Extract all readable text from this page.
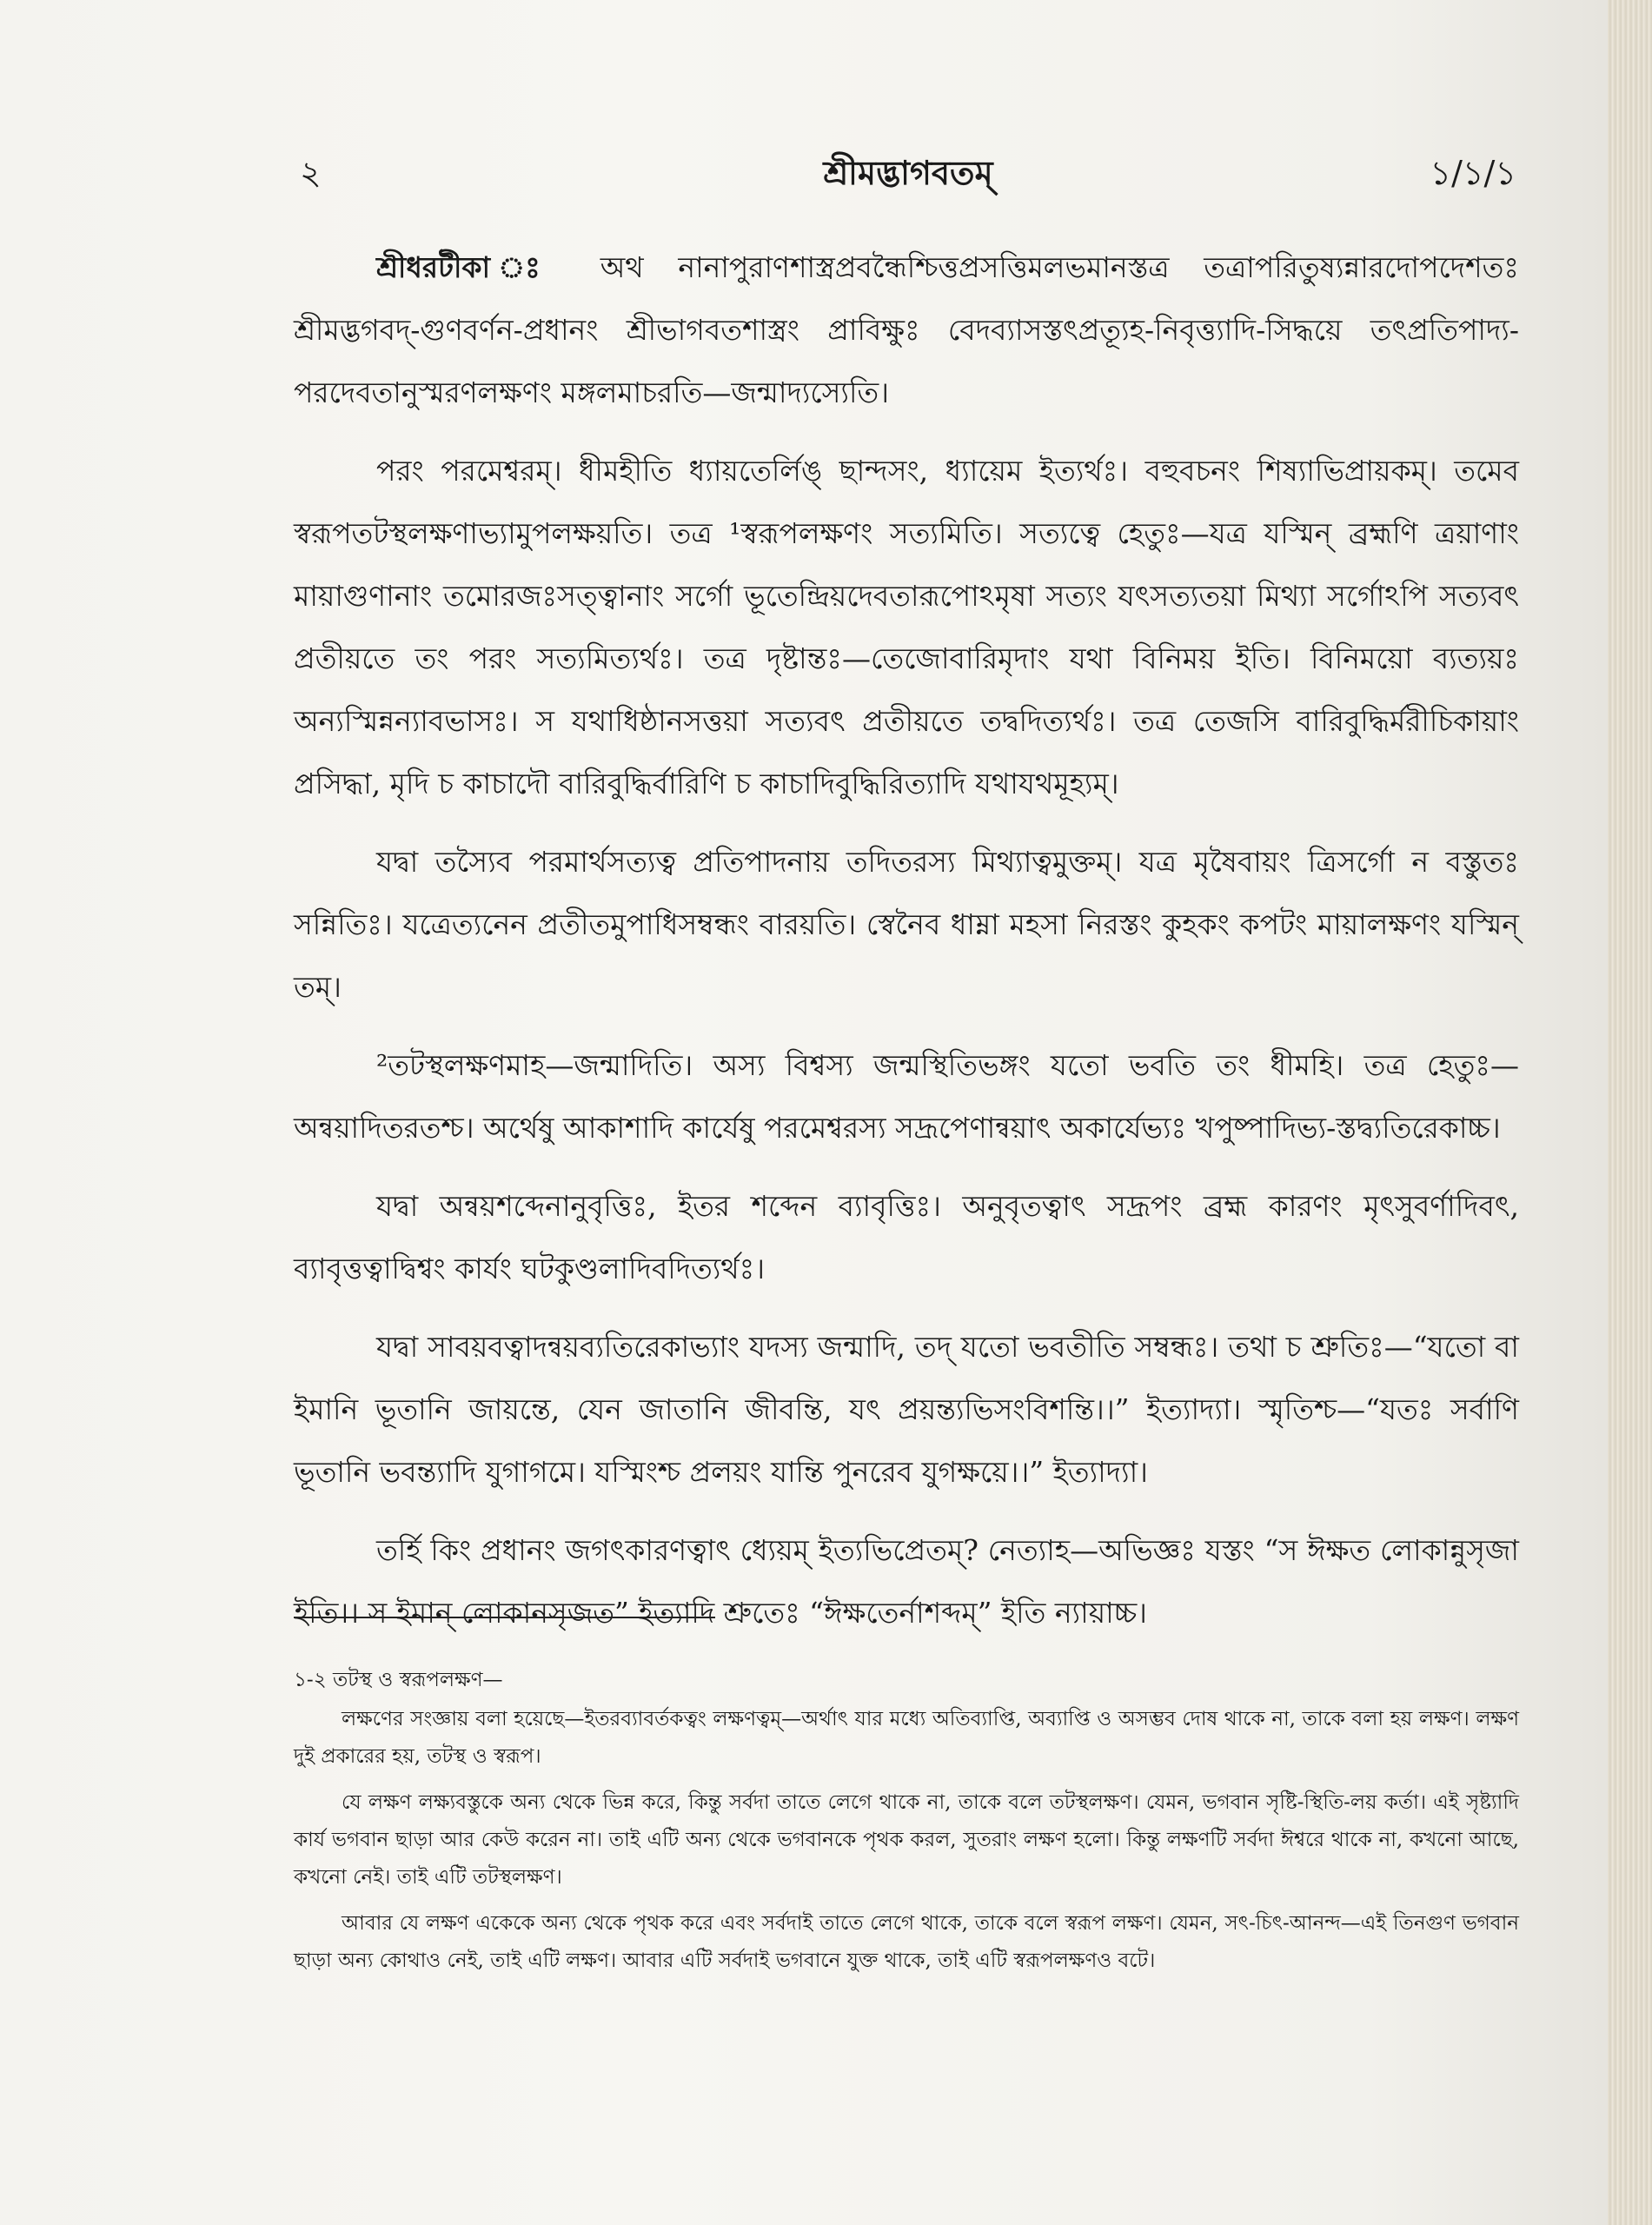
২	শ্রীমদ্ভাগবতম্	১/১/১

শ্রীধরটীকা ঃ অথ নানাপুরাণশাস্ত্রপ্রবন্ধৈশ্চিত্তপ্রসত্তিমলভমানস্তত্র তত্রাপরিতুষ্যন্নারদোপদেশতঃ শ্রীমদ্ভগবদ্-গুণবর্ণন-প্রধানং শ্রীভাগবতশাস্ত্রং প্রাবিক্ষুঃ বেদব্যাসস্তৎপ্রত্যূহ-নিবৃত্ত্যাদি-সিদ্ধয়ে তৎপ্রতিপাদ্য-পরদেবতানুস্মরণলক্ষণং মঙ্গলমাচরতি—জন্মাদ্যস্যেতি।

পরং পরমেশ্বরম্। ধীমহীতি ধ্যায়তের্লিঙ্ ছান্দসং, ধ্যায়েম ইত্যর্থঃ। বহুবচনং শিষ্যাভিপ্রায়কম্। তমেব স্বরূপতটস্থলক্ষণাভ্যামুপলক্ষয়তি। তত্র ¹স্বরূপলক্ষণং সত্যমিতি। সত্যত্বে হেতুঃ—যত্র যস্মিন্ ব্রহ্মণি ত্রয়াণাং মায়াগুণানাং তমোরজঃসত্ত্বানাং সর্গো ভূতেন্দ্রিয়দেবতারূপোঽমৃষা সত্যং যৎসত্যতয়া মিথ্যা সর্গোঽপি সত্যবৎ প্রতীয়তে তং পরং সত্যমিত্যর্থঃ। তত্র দৃষ্টান্তঃ—তেজোবারিমৃদাং যথা বিনিময় ইতি। বিনিময়ো ব্যত্যয়ঃ অন্যস্মিন্নন্যাবভাসঃ। স যথাধিষ্ঠানসত্তয়া সত্যবৎ প্রতীয়তে তদ্বদিত্যর্থঃ। তত্র তেজসি বারিবুদ্ধির্মরীচিকায়াং প্রসিদ্ধা, মৃদি চ কাচাদৌ বারিবুদ্ধির্বারিণি চ কাচাদিবুদ্ধিরিত্যাদি যথাযথমূহ্যম্।

যদ্বা তস্যৈব পরমার্থসত্যত্ব প্রতিপাদনায় তদিতরস্য মিথ্যাত্বমুক্তম্। যত্র মৃষৈবায়ং ত্রিসর্গো ন বস্তুতঃ সন্নিতিঃ। যত্রেত্যনেন প্রতীতমুপাধিসম্বন্ধং বারয়তি। স্বেনৈব ধাম্না মহসা নিরস্তং কুহকং কপটং মায়ালক্ষণং যস্মিন্ তম্।

²তটস্থলক্ষণমাহ—জন্মাদিতি। অস্য বিশ্বস্য জন্মস্থিতিভঙ্গং যতো ভবতি তং ধীমহি। তত্র হেতুঃ—অন্বয়াদিতরতশ্চ। অর্থেষু আকাশাদি কার্যেষু পরমেশ্বরস্য সদ্রূপেণান্বয়াৎ অকার্যেভ্যঃ খপুষ্পাদিভ্য-স্তদ্ব্যতিরেকাচ্চ।

যদ্বা অন্বয়শব্দেনানুবৃত্তিঃ, ইতর শব্দেন ব্যাবৃত্তিঃ। অনুবৃতত্বাৎ সদ্রূপং ব্রহ্ম কারণং মৃৎসুবর্ণাদিবৎ, ব্যাবৃত্তত্বাদ্বিশ্বং কার্যং ঘটকুণ্ডলাদিবদিত্যর্থঃ।

যদ্বা সাবয়বত্বাদন্বয়ব্যতিরেকাভ্যাং যদস্য জন্মাদি, তদ্ যতো ভবতীতি সম্বন্ধঃ। তথা চ শ্রুতিঃ—“যতো বা ইমানি ভূতানি জায়ন্তে, যেন জাতানি জীবন্তি, যৎ প্রয়ন্ত্যভিসংবিশন্তি।।” ইত্যাদ্যা। স্মৃতিশ্চ—“যতঃ সর্বাণি ভূতানি ভবন্ত্যাদি যুগাগমে। যস্মিংশ্চ প্রলয়ং যান্তি পুনরেব যুগক্ষয়ে।।” ইত্যাদ্যা।

তর্হি কিং প্রধানং জগৎকারণত্বাৎ ধ্যেয়ম্ ইত্যভিপ্রেতম্? নেত্যাহ—অভিজ্ঞঃ যস্তং “স ঈক্ষত লোকান্নুসৃজা ইতি।। স ইমান্ লোকানসৃজত” ইত্যাদি শ্রুতেঃ “ঈক্ষতের্নাশব্দম্” ইতি ন্যায়াচ্চ।

১-২ তটস্থ ও স্বরূপলক্ষণ—

লক্ষণের সংজ্ঞায় বলা হয়েছে—ইতরব্যাবর্তকত্বং লক্ষণত্বম্—অর্থাৎ যার মধ্যে অতিব্যাপ্তি, অব্যাপ্তি ও অসম্ভব দোষ থাকে না, তাকে বলা হয় লক্ষণ। লক্ষণ দুই প্রকারের হয়, তটস্থ ও স্বরূপ।

যে লক্ষণ লক্ষ্যবস্তুকে অন্য থেকে ভিন্ন করে, কিন্তু সর্বদা তাতে লেগে থাকে না, তাকে বলে তটস্থলক্ষণ। যেমন, ভগবান সৃষ্টি-স্থিতি-লয় কর্তা। এই সৃষ্ট্যাদি কার্য ভগবান ছাড়া আর কেউ করেন না। তাই এটি অন্য থেকে ভগবানকে পৃথক করল, সুতরাং লক্ষণ হলো। কিন্তু লক্ষণটি সর্বদা ঈশ্বরে থাকে না, কখনো আছে, কখনো নেই। তাই এটি তটস্থলক্ষণ।

আবার যে লক্ষণ একেকে অন্য থেকে পৃথক করে এবং সর্বদাই তাতে লেগে থাকে, তাকে বলে স্বরূপ লক্ষণ। যেমন, সৎ-চিৎ-আনন্দ—এই তিনগুণ ভগবান ছাড়া অন্য কোথাও নেই, তাই এটি লক্ষণ। আবার এটি সর্বদাই ভগবানে যুক্ত থাকে, তাই এটি স্বরূপলক্ষণও বটে।
